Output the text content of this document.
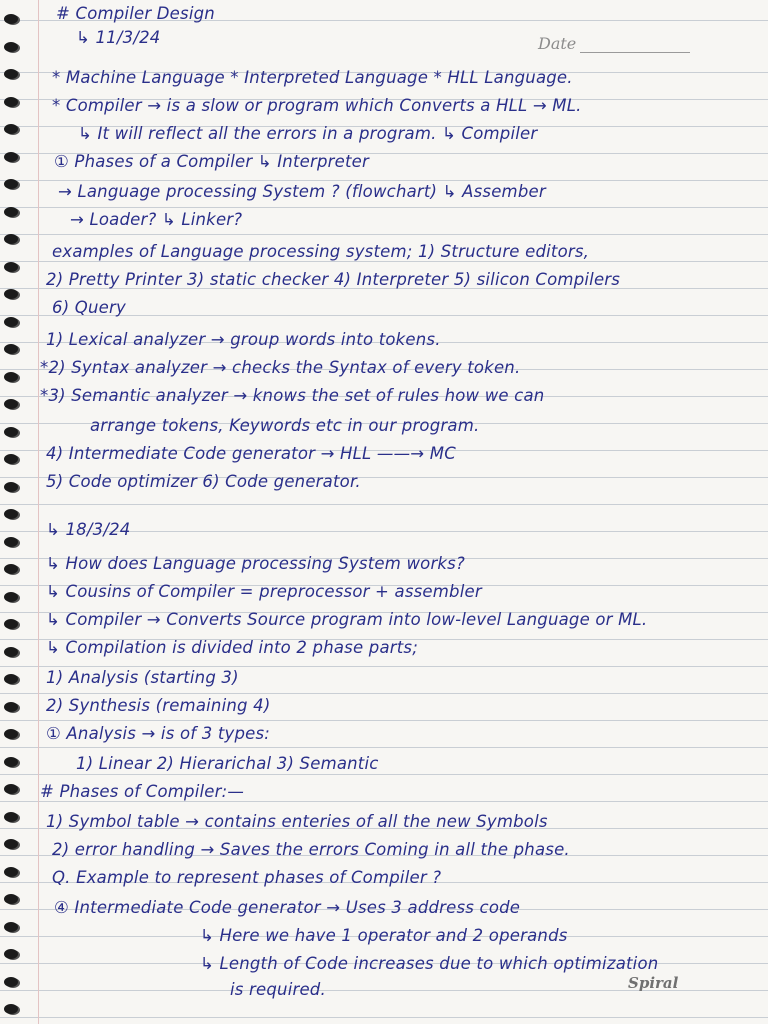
Date
# Compiler Design
↳ 11/3/24
* Machine Language * Interpreted Language * HLL Language.
* Compiler → is a slow or program which Converts a HLL → ML.
↳ It will reflect all the errors in a program. ↳ Compiler
① Phases of a Compiler ↳ Interpreter
→ Language processing System ? (flowchart) ↳ Assember
→ Loader? ↳ Linker?
examples of Language processing system; 1) Structure editors,
2) Pretty Printer 3) static checker 4) Interpreter 5) silicon Compilers
6) Query
1) Lexical analyzer → group words into tokens.
*2) Syntax analyzer → checks the Syntax of every token.
*3) Semantic analyzer → knows the set of rules how we can
arrange tokens, Keywords etc in our program.
4) Intermediate Code generator → HLL ——→ MC
5) Code optimizer 6) Code generator.
↳ 18/3/24
↳ How does Language processing System works?
↳ Cousins of Compiler = preprocessor + assembler
↳ Compiler → Converts Source program into low-level Language or ML.
↳ Compilation is divided into 2 phase parts;
1) Analysis (starting 3)
2) Synthesis (remaining 4)
① Analysis → is of 3 types:
1) Linear 2) Hierarichal 3) Semantic
# Phases of Compiler:—
1) Symbol table → contains enteries of all the new Symbols
2) error handling → Saves the errors Coming in all the phase.
Q. Example to represent phases of Compiler ?
④ Intermediate Code generator → Uses 3 address code
↳ Here we have 1 operator and 2 operands
↳ Length of Code increases due to which optimization
is required.	Spiral
